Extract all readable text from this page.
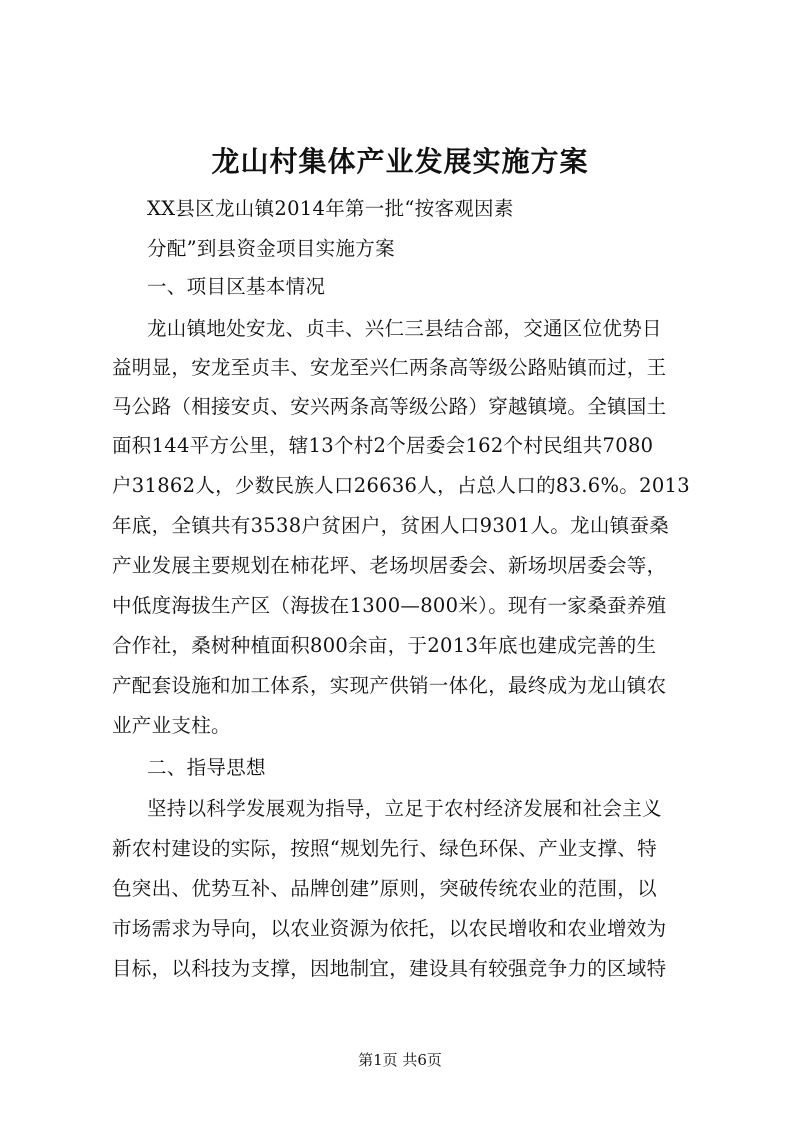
龙山村集体产业发展实施方案
XX县区龙山镇2014年第一批“按客观因素
分配”到县资金项目实施方案
一、项目区基本情况
龙山镇地处安龙、贞丰、兴仁三县结合部，交通区位优势日
益明显，安龙至贞丰、安龙至兴仁两条高等级公路贴镇而过，王
马公路（相接安贞、安兴两条高等级公路）穿越镇境。全镇国土
面积144平方公里，辖13个村2个居委会162个村民组共7080
户31862人，少数民族人口26636人，占总人口的83.6%。2013
年底，全镇共有3538户贫困户，贫困人口9301人。龙山镇蚕桑
产业发展主要规划在柿花坪、老场坝居委会、新场坝居委会等，
中低度海拔生产区（海拔在1300—800米）。现有一家桑蚕养殖
合作社，桑树种植面积800余亩，于2013年底也建成完善的生
产配套设施和加工体系，实现产供销一体化，最终成为龙山镇农
业产业支柱。
二、指导思想
坚持以科学发展观为指导，立足于农村经济发展和社会主义
新农村建设的实际，按照“规划先行、绿色环保、产业支撑、特
色突出、优势互补、品牌创建”原则，突破传统农业的范围，以
市场需求为导向，以农业资源为依托，以农民增收和农业增效为
目标，以科技为支撑，因地制宜，建设具有较强竞争力的区域特
第1页 共6页
